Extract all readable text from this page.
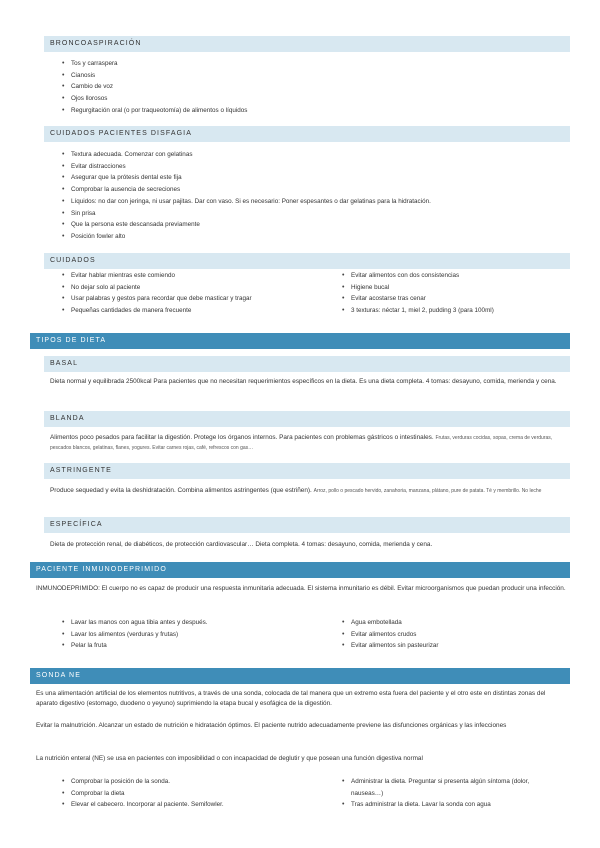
BRONCOASPIRACIÓN
• Tos y carraspera
• Cianosis
• Cambio de voz
• Ojos llorosos
• Regurgitación oral (o por traqueotomía) de alimentos o líquidos
CUIDADOS PACIENTES DISFAGIA
• Textura adecuada. Comenzar con gelatinas
• Evitar distracciones
• Asegurar que la prótesis dental este fija
• Comprobar la ausencia de secreciones
• Líquidos: no dar con jeringa, ni usar pajitas. Dar con vaso. Si es necesario: Poner espesantes o dar gelatinas para la hidratación.
• Sin prisa
• Que la persona este descansada previamente
• Posición fowler alto
CUIDADOS
• Evitar hablar mientras este comiendo
• No dejar solo al paciente
• Usar palabras y gestos para recordar que debe masticar y tragar
• Pequeñas cantidades de manera frecuente
• Evitar alimentos con dos consistencias
• Higiene bucal
• Evitar acostarse tras cenar
• 3 texturas: néctar 1, miel 2, pudding 3 (para 100ml)
TIPOS DE DIETA
BASAL
Dieta normal y equilibrada 2500kcal Para pacientes que no necesitan requerimientos específicos en la dieta. Es una dieta completa. 4 tomas: desayuno, comida, merienda y cena.
BLANDA
Alimentos poco pesados para facilitar la digestión. Protege los órganos internos. Para pacientes con problemas gástricos o intestinales. Frutas, verduras cocidas, sopas, crema de verduras, pescados blancos, gelatinas, flanes, yogures. Evitar carnes rojas, café, refrescos con gas…
ASTRINGENTE
Produce sequedad y evita la deshidratación. Combina alimentos astringentes (que estriñen). Arroz, pollo o pescado hervido, zanahoria, manzana, plátano, pure de patata. Té y membrillo. No leche
ESPECÍFICA
Dieta de protección renal, de diabéticos, de protección cardiovascular… Dieta completa. 4 tomas: desayuno, comida, merienda y cena.
PACIENTE INMUNODEPRIMIDO
INMUNODEPRIMIDO: El cuerpo no es capaz de producir una respuesta inmunitaria adecuada. El sistema inmunitario es débil. Evitar microorganismos que puedan producir una infección.
• Lavar las manos con agua tibia antes y después.
• Lavar los alimentos (verduras y frutas)
• Pelar la fruta
• Agua embotellada
• Evitar alimentos crudos
• Evitar alimentos sin pasteurizar
SONDA NE
Es una alimentación artificial de los elementos nutritivos, a través de una sonda, colocada de tal manera que un extremo esta fuera del paciente y el otro este en distintas zonas del aparato digestivo (estomago, duodeno o yeyuno) suprimiendo la etapa bucal y esofágica de la digestión.
Evitar la malnutrición. Alcanzar un estado de nutrición e hidratación óptimos. El paciente nutrido adecuadamente previene las disfunciones orgánicas y las infecciones
La nutrición enteral (NE) se usa en pacientes con imposibilidad o con incapacidad de deglutir y que posean una función digestiva normal
• Comprobar la posición de la sonda.
• Comprobar la dieta
• Elevar el cabecero. Incorporar al paciente. Semifowler.
• Administrar la dieta. Preguntar si presenta algún síntoma (dolor, nauseas…)
• Tras administrar la dieta. Lavar la sonda con agua
